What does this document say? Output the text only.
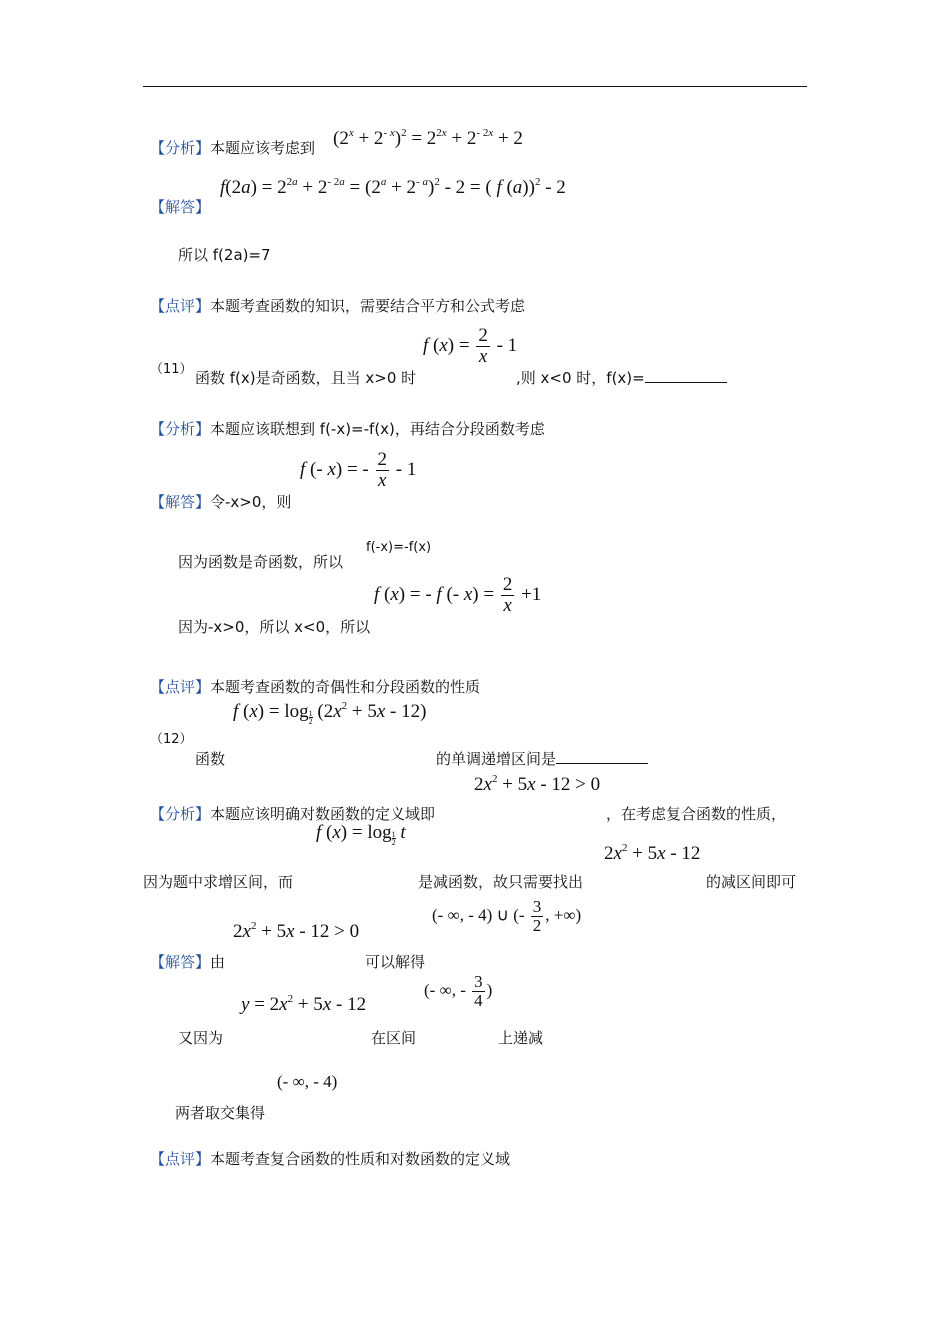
【分析】本题应该考虑到 $(2^x + 2^{- x})^2 = 2^{2x} + 2^{- 2x} + 2$
$f(2a) = 2^{2a} + 2^{- 2a} = (2^a + 2^{- a})^2 - 2$ = ( f (a))$^2$ - 2
【解答】
所以 f(2a)=7
【点评】本题考查函数的知识，需要结合平方和公式考虑
f $(x) = \frac{2}{x} - 1$
（11） 函数 f(x)是奇函数，且当 x>0 时	,则 x<0 时，f(x)=
【分析】本题应该联想到 f(-x)=-f(x)，再结合分段函数考虑
f (- x) = - $\frac{2}{x} - 1$
【解答】令-x>0，则
f(-x)=-f(x)
因为函数是奇函数，所以
f (x) = - f (- $x) = \frac{2}{x} +1$
因为-x>0，所以 x<0，所以
【点评】本题考查函数的奇偶性和分段函数的性质
f (x) = log $_{\frac{1}{2}}$ $(2x^2 + 5x - 12)$
（12）
函数	的单调递增区间是
$2x^2 + 5x - 12 > 0$
【分析】本题应该明确对数函数的定义域即	，在考虑复合函数的性质，
f (x) = log $_{\frac{1}{2}}$ t
$2x^2 + 5x - 12$
因为题中求增区间，而	是减函数，故只需要找出	的减区间即可
$2x^2 + 5x - 12 > 0$
(- ∞, - 4) ∪ (- $\frac{3}{2}$ , +∞)
【解答】由	可以解得
$y = 2x^2 + 5x - 12$
(- ∞, - $\frac{3}{4}$ )
又因为	在区间	上递减
(- ∞, - 4)
两者取交集得
【点评】本题考查复合函数的性质和对数函数的定义域
